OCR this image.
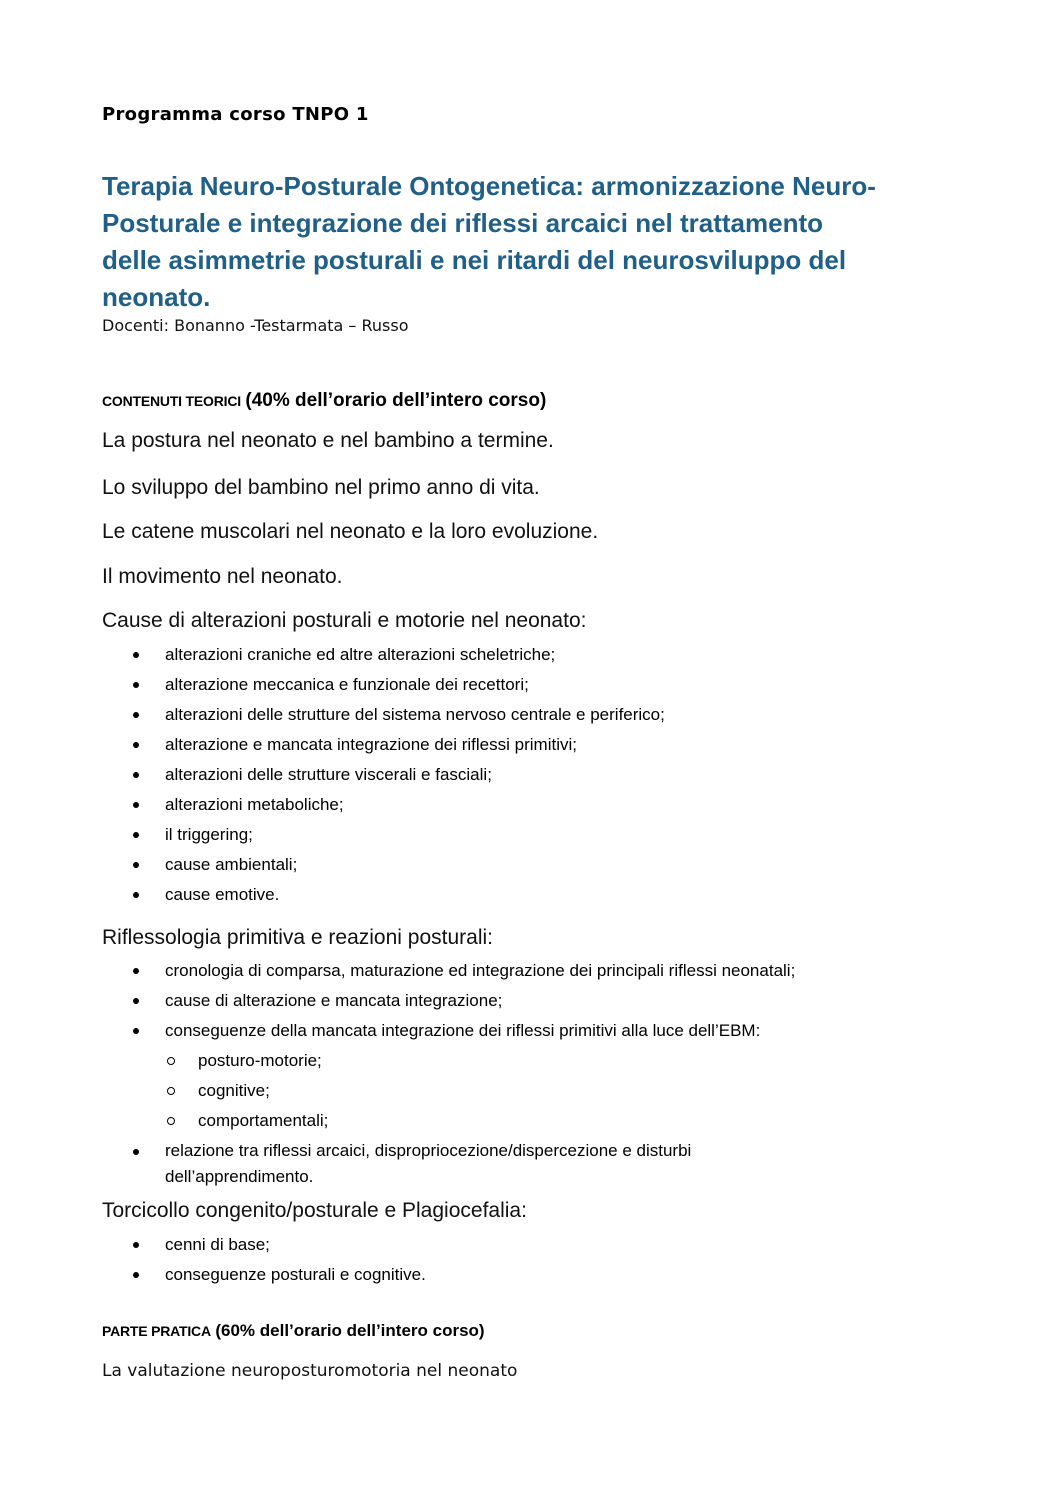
Programma corso TNPO 1
Terapia Neuro-Posturale Ontogenetica: armonizzazione Neuro-
Posturale e integrazione dei riflessi arcaici nel trattamento
delle asimmetrie posturali e nei ritardi del neurosviluppo del
neonato.
Docenti: Bonanno -Testarmata – Russo
CONTENUTI TEORICI (40% dell’orario dell’intero corso)
La postura nel neonato e nel bambino a termine.
Lo sviluppo del bambino nel primo anno di vita.
Le catene muscolari nel neonato e la loro evoluzione.
Il movimento nel neonato.
Cause di alterazioni posturali e motorie nel neonato:
alterazioni craniche ed altre alterazioni scheletriche;
alterazione meccanica e funzionale dei recettori;
alterazioni delle strutture del sistema nervoso centrale e periferico;
alterazione e mancata integrazione dei riflessi primitivi;
alterazioni delle strutture viscerali e fasciali;
alterazioni metaboliche;
il triggering;
cause ambientali;
cause emotive.
Riflessologia primitiva e reazioni posturali:
cronologia di comparsa, maturazione ed integrazione dei principali riflessi neonatali;
cause di alterazione e mancata integrazione;
conseguenze della mancata integrazione dei riflessi primitivi alla luce dell’EBM:
posturo-motorie;
cognitive;
comportamentali;
relazione tra riflessi arcaici, dispropriocezione/dispercezione e disturbi
dell’apprendimento.
Torcicollo congenito/posturale e Plagiocefalia:
cenni di base;
conseguenze posturali e cognitive.
PARTE PRATICA (60% dell’orario dell’intero corso)
La valutazione neuroposturomotoria nel neonato
